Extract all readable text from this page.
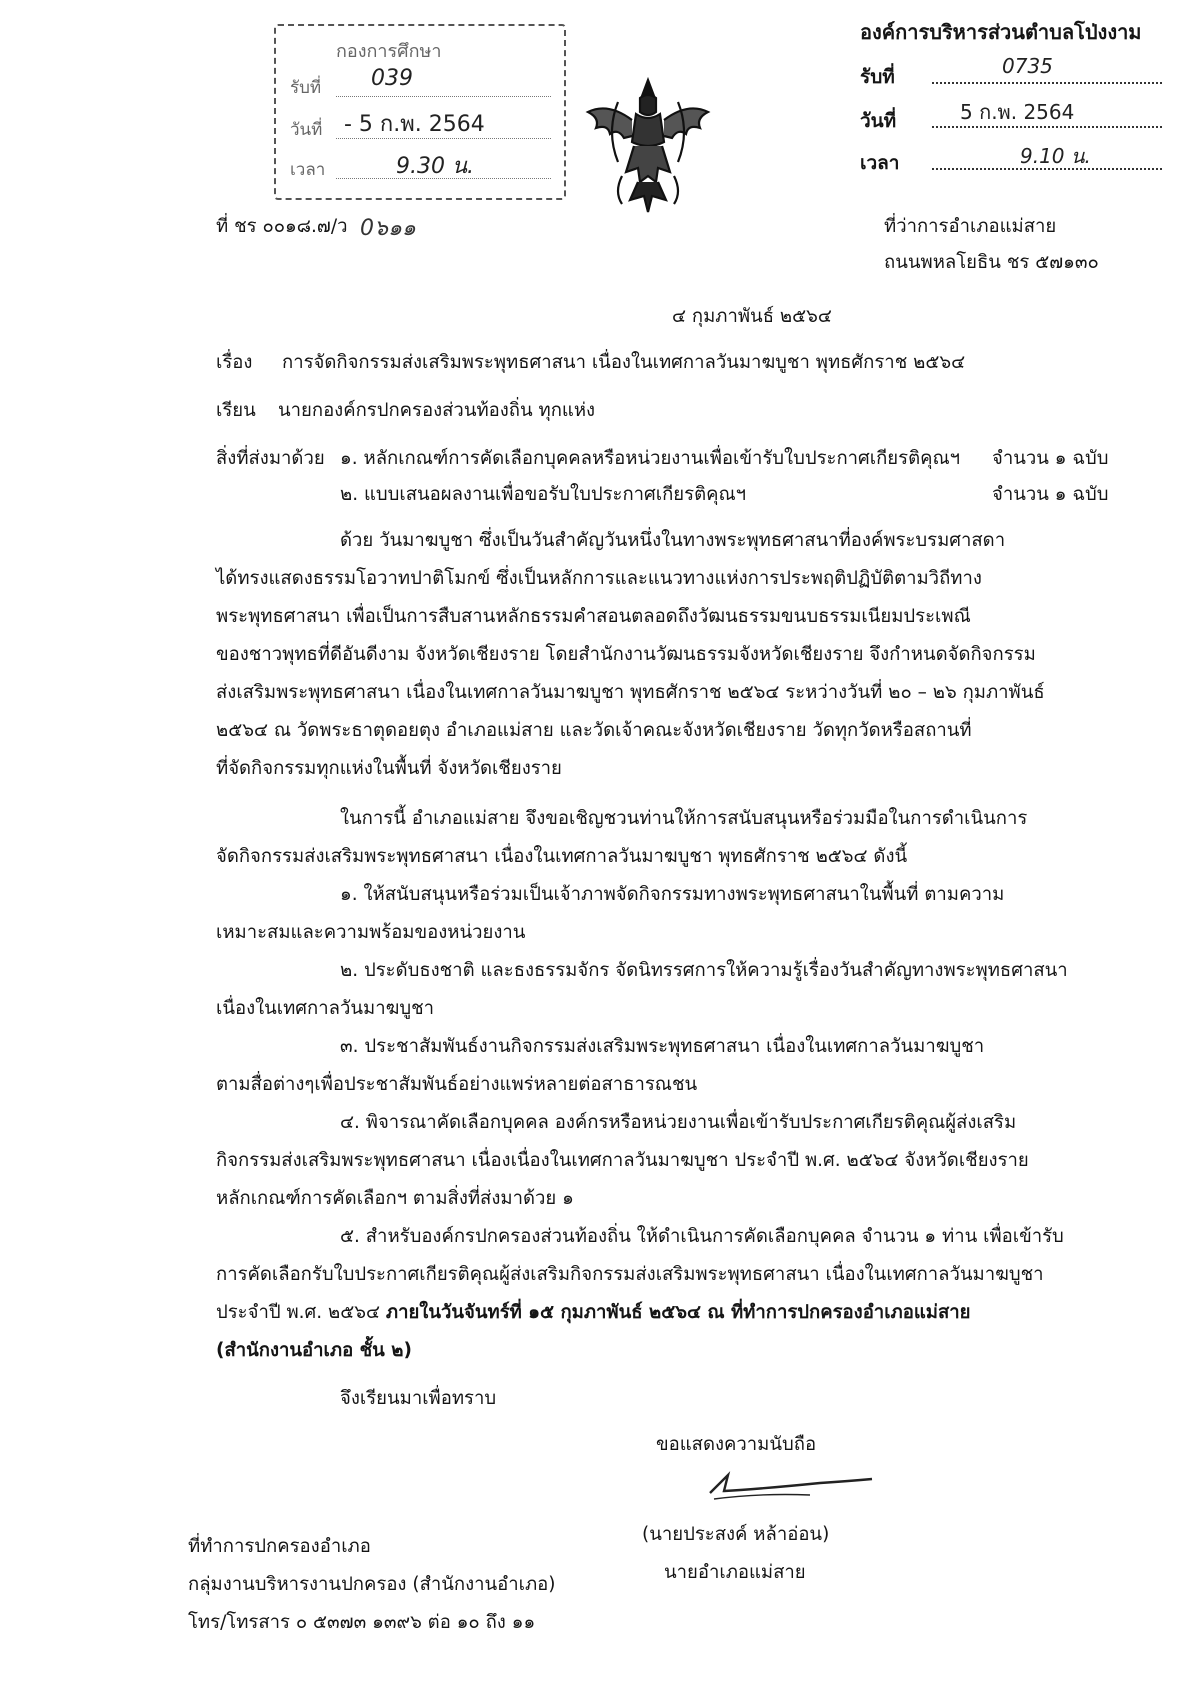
กองการศึกษา
รับที่ 039
วันที่ - 5 ก.พ. 2564
เวลา	9.30 น.
องค์การบริหารส่วนตำบลโป่งงาม
รับที่	0735
วันที่	5 ก.พ. 2564
เวลา	9.10 น.
ที่ ชร ๐๐๑๘.๗/ว 0๖๑๑	ที่ว่าการอำเภอแม่สาย
ถนนพหลโยธิน ชร ๕๗๑๓๐
๔ กุมภาพันธ์ ๒๕๖๔
เรื่อง การจัดกิจกรรมส่งเสริมพระพุทธศาสนา เนื่องในเทศกาลวันมาฆบูชา พุทธศักราช ๒๕๖๔
เรียน นายกองค์กรปกครองส่วนท้องถิ่น ทุกแห่ง
สิ่งที่ส่งมาด้วย ๑. หลักเกณฑ์การคัดเลือกบุคคลหรือหน่วยงานเพื่อเข้ารับใบประกาศเกียรติคุณฯ จำนวน ๑ ฉบับ
๒. แบบเสนอผลงานเพื่อขอรับใบประกาศเกียรติคุณฯ	จำนวน ๑ ฉบับ
ด้วย วันมาฆบูชา ซึ่งเป็นวันสำคัญวันหนึ่งในทางพระพุทธศาสนาที่องค์พระบรมศาสดา
ได้ทรงแสดงธรรมโอวาทปาติโมกข์ ซึ่งเป็นหลักการและแนวทางแห่งการประพฤติปฏิบัติตามวิถีทาง
พระพุทธศาสนา เพื่อเป็นการสืบสานหลักธรรมคำสอนตลอดถึงวัฒนธรรมขนบธรรมเนียมประเพณี
ของชาวพุทธที่ดีอันดีงาม จังหวัดเชียงราย โดยสำนักงานวัฒนธรรมจังหวัดเชียงราย จึงกำหนดจัดกิจกรรม
ส่งเสริมพระพุทธศาสนา เนื่องในเทศกาลวันมาฆบูชา พุทธศักราช ๒๕๖๔ ระหว่างวันที่ ๒๐ – ๒๖ กุมภาพันธ์
๒๕๖๔ ณ วัดพระธาตุดอยตุง อำเภอแม่สาย และวัดเจ้าคณะจังหวัดเชียงราย วัดทุกวัดหรือสถานที่
ที่จัดกิจกรรมทุกแห่งในพื้นที่ จังหวัดเชียงราย
ในการนี้ อำเภอแม่สาย จึงขอเชิญชวนท่านให้การสนับสนุนหรือร่วมมือในการดำเนินการ
จัดกิจกรรมส่งเสริมพระพุทธศาสนา เนื่องในเทศกาลวันมาฆบูชา พุทธศักราช ๒๕๖๔ ดังนี้
๑. ให้สนับสนุนหรือร่วมเป็นเจ้าภาพจัดกิจกรรมทางพระพุทธศาสนาในพื้นที่ ตามความ
เหมาะสมและความพร้อมของหน่วยงาน
๒. ประดับธงชาติ และธงธรรมจักร จัดนิทรรศการให้ความรู้เรื่องวันสำคัญทางพระพุทธศาสนา
เนื่องในเทศกาลวันมาฆบูชา
๓. ประชาสัมพันธ์งานกิจกรรมส่งเสริมพระพุทธศาสนา เนื่องในเทศกาลวันมาฆบูชา
ตามสื่อต่างๆเพื่อประชาสัมพันธ์อย่างแพร่หลายต่อสาธารณชน
๔. พิจารณาคัดเลือกบุคคล องค์กรหรือหน่วยงานเพื่อเข้ารับประกาศเกียรติคุณผู้ส่งเสริม
กิจกรรมส่งเสริมพระพุทธศาสนา เนื่องเนื่องในเทศกาลวันมาฆบูชา ประจำปี พ.ศ. ๒๕๖๔ จังหวัดเชียงราย
หลักเกณฑ์การคัดเลือกฯ ตามสิ่งที่ส่งมาด้วย ๑
๕. สำหรับองค์กรปกครองส่วนท้องถิ่น ให้ดำเนินการคัดเลือกบุคคล จำนวน ๑ ท่าน เพื่อเข้ารับ
การคัดเลือกรับใบประกาศเกียรติคุณผู้ส่งเสริมกิจกรรมส่งเสริมพระพุทธศาสนา เนื่องในเทศกาลวันมาฆบูชา
ประจำปี พ.ศ. ๒๕๖๔ ภายในวันจันทร์ที่ ๑๕ กุมภาพันธ์ ๒๕๖๔ ณ ที่ทำการปกครองอำเภอแม่สาย
(สำนักงานอำเภอ ชั้น ๒)
จึงเรียนมาเพื่อทราบ
ขอแสดงความนับถือ
(นายประสงค์ หล้าอ่อน)
นายอำเภอแม่สาย
ที่ทำการปกครองอำเภอ
กลุ่มงานบริหารงานปกครอง (สำนักงานอำเภอ)
โทร/โทรสาร ๐ ๕๓๗๓ ๑๓๙๖ ต่อ ๑๐ ถึง ๑๑
